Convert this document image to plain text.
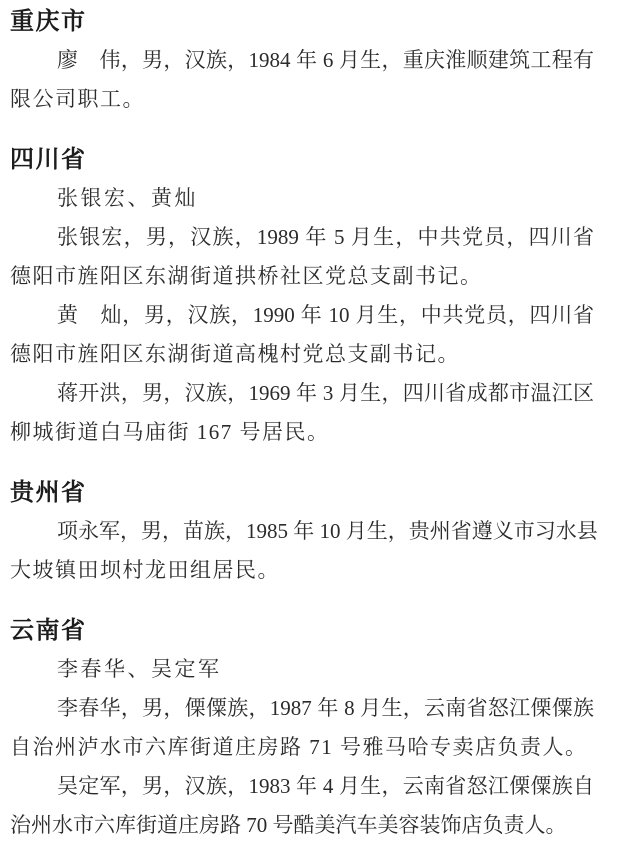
重庆市
廖　伟，男，汉族，1984 年 6 月生，重庆淮顺建筑工程有
限公司职工。
四川省
张银宏、黄灿
张银宏，男，汉族，1989 年 5 月生，中共党员，四川省
德阳市旌阳区东湖街道拱桥社区党总支副书记。
黄　灿，男，汉族，1990 年 10 月生，中共党员，四川省
德阳市旌阳区东湖街道高槐村党总支副书记。
蒋开洪，男，汉族，1969 年 3 月生，四川省成都市温江区
柳城街道白马庙街 167 号居民。
贵州省
项永军，男，苗族，1985 年 10 月生，贵州省遵义市习水县
大坡镇田坝村龙田组居民。
云南省
李春华、吴定军
李春华，男，傈僳族，1987 年 8 月生，云南省怒江傈僳族
自治州泸水市六库街道庄房路 71 号雅马哈专卖店负责人。
吴定军，男，汉族，1983 年 4 月生，云南省怒江傈僳族自
治州水市六库街道庄房路 70 号酷美汽车美容装饰店负责人。
